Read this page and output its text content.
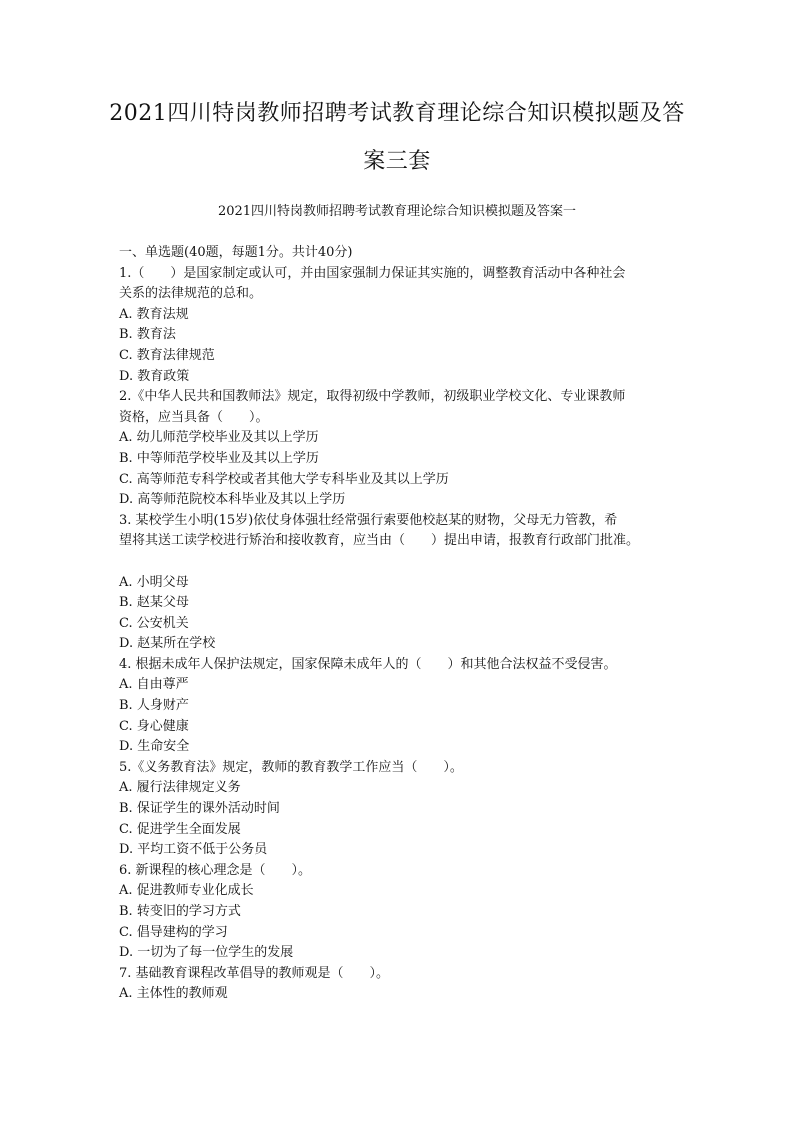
2021四川特岗教师招聘考试教育理论综合知识模拟题及答
案三套
2021四川特岗教师招聘考试教育理论综合知识模拟题及答案一
一、单选题(40题，每题1分。共计40分)
1.（　　）是国家制定或认可，并由国家强制力保证其实施的，调整教育活动中各种社会
关系的法律规范的总和。
A. 教育法规
B. 教育法
C. 教育法律规范
D. 教育政策
2.《中华人民共和国教师法》规定，取得初级中学教师，初级职业学校文化、专业课教师
资格，应当具备（　　）。
A. 幼儿师范学校毕业及其以上学历
B. 中等师范学校毕业及其以上学历
C. 高等师范专科学校或者其他大学专科毕业及其以上学历
D. 高等师范院校本科毕业及其以上学历
3. 某校学生小明(15岁)依仗身体强壮经常强行索要他校赵某的财物，父母无力管教，希
望将其送工读学校进行矫治和接收教育，应当由（　　）提出申请，报教育行政部门批准。
A. 小明父母
B. 赵某父母
C. 公安机关
D. 赵某所在学校
4. 根据未成年人保护法规定，国家保障未成年人的（　　）和其他合法权益不受侵害。
A. 自由尊严
B. 人身财产
C. 身心健康
D. 生命安全
5.《义务教育法》规定，教师的教育教学工作应当（　　）。
A. 履行法律规定义务
B. 保证学生的课外活动时间
C. 促进学生全面发展
D. 平均工资不低于公务员
6. 新课程的核心理念是（　　）。
A. 促进教师专业化成长
B. 转变旧的学习方式
C. 倡导建构的学习
D. 一切为了每一位学生的发展
7. 基础教育课程改革倡导的教师观是（　　）。
A. 主体性的教师观
